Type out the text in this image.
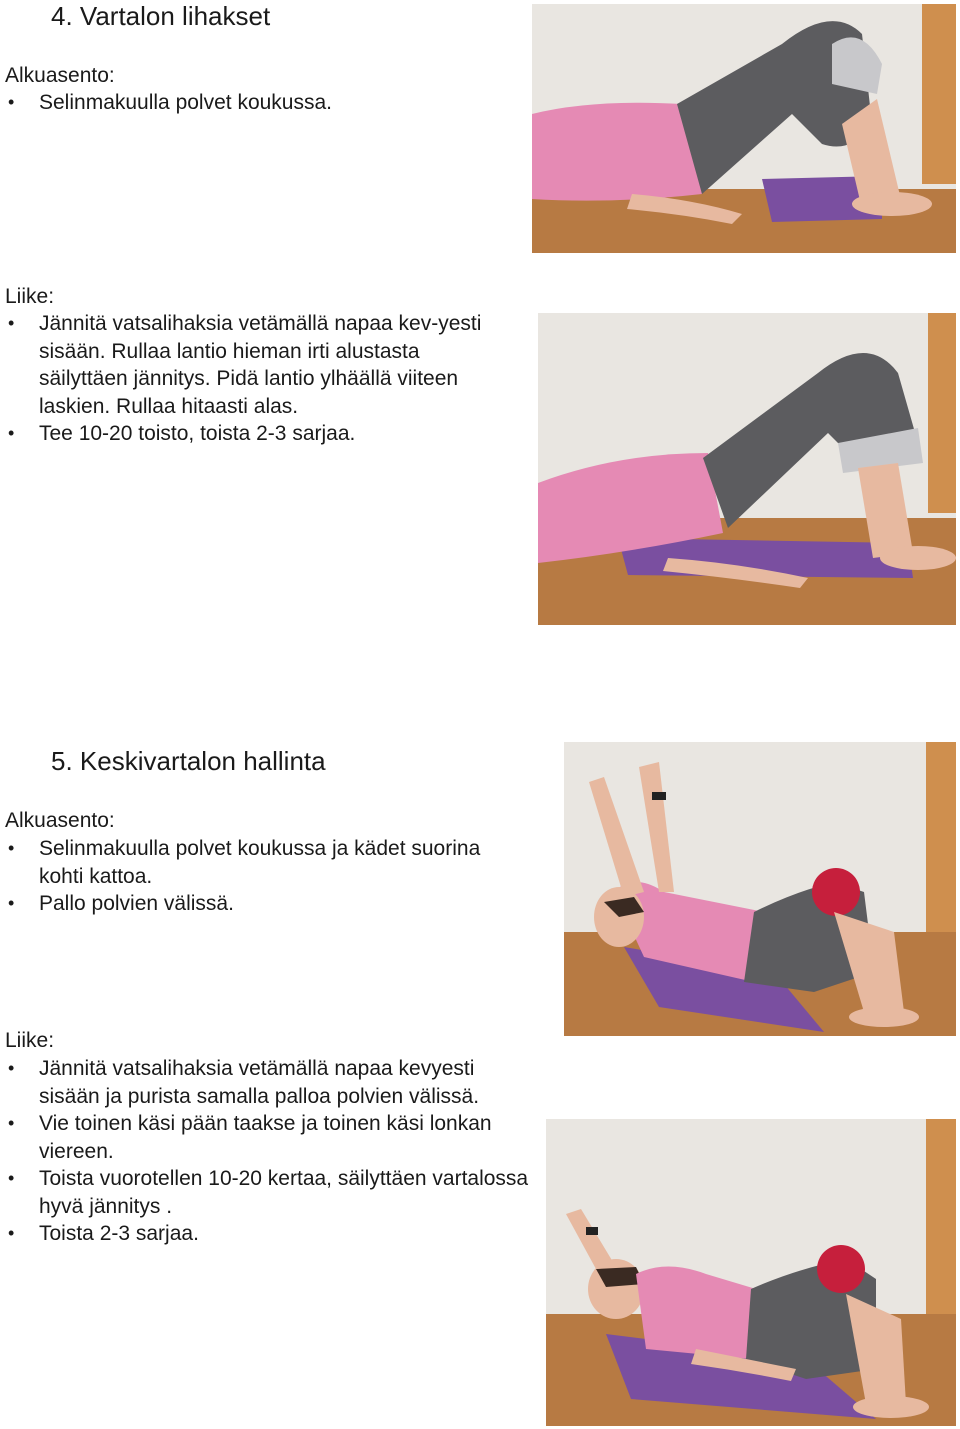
4. Vartalon lihakset
Alkuasento:
• Selinmakuulla polvet koukussa.
Liike:
• Jännitä vatsalihaksia vetämällä napaa kev-yesti sisään. Rullaa lantio hieman irti alustasta säilyttäen jännitys. Pidä lantio ylhäällä viiteen laskien. Rullaa hitaasti alas.
• Tee 10-20 toisto, toista 2-3 sarjaa.
5. Keskivartalon hallinta
Alkuasento:
• Selinmakuulla polvet koukussa ja kädet suorina kohti kattoa.
• Pallo polvien välissä.
Liike:
• Jännitä vatsalihaksia vetämällä napaa kevyesti sisään ja purista samalla palloa polvien välissä.
• Vie toinen käsi pään taakse ja toinen käsi lonkan viereen.
• Toista vuorotellen 10-20 kertaa, säilyttäen vartalossa hyvä jännitys .
• Toista 2-3 sarjaa.
